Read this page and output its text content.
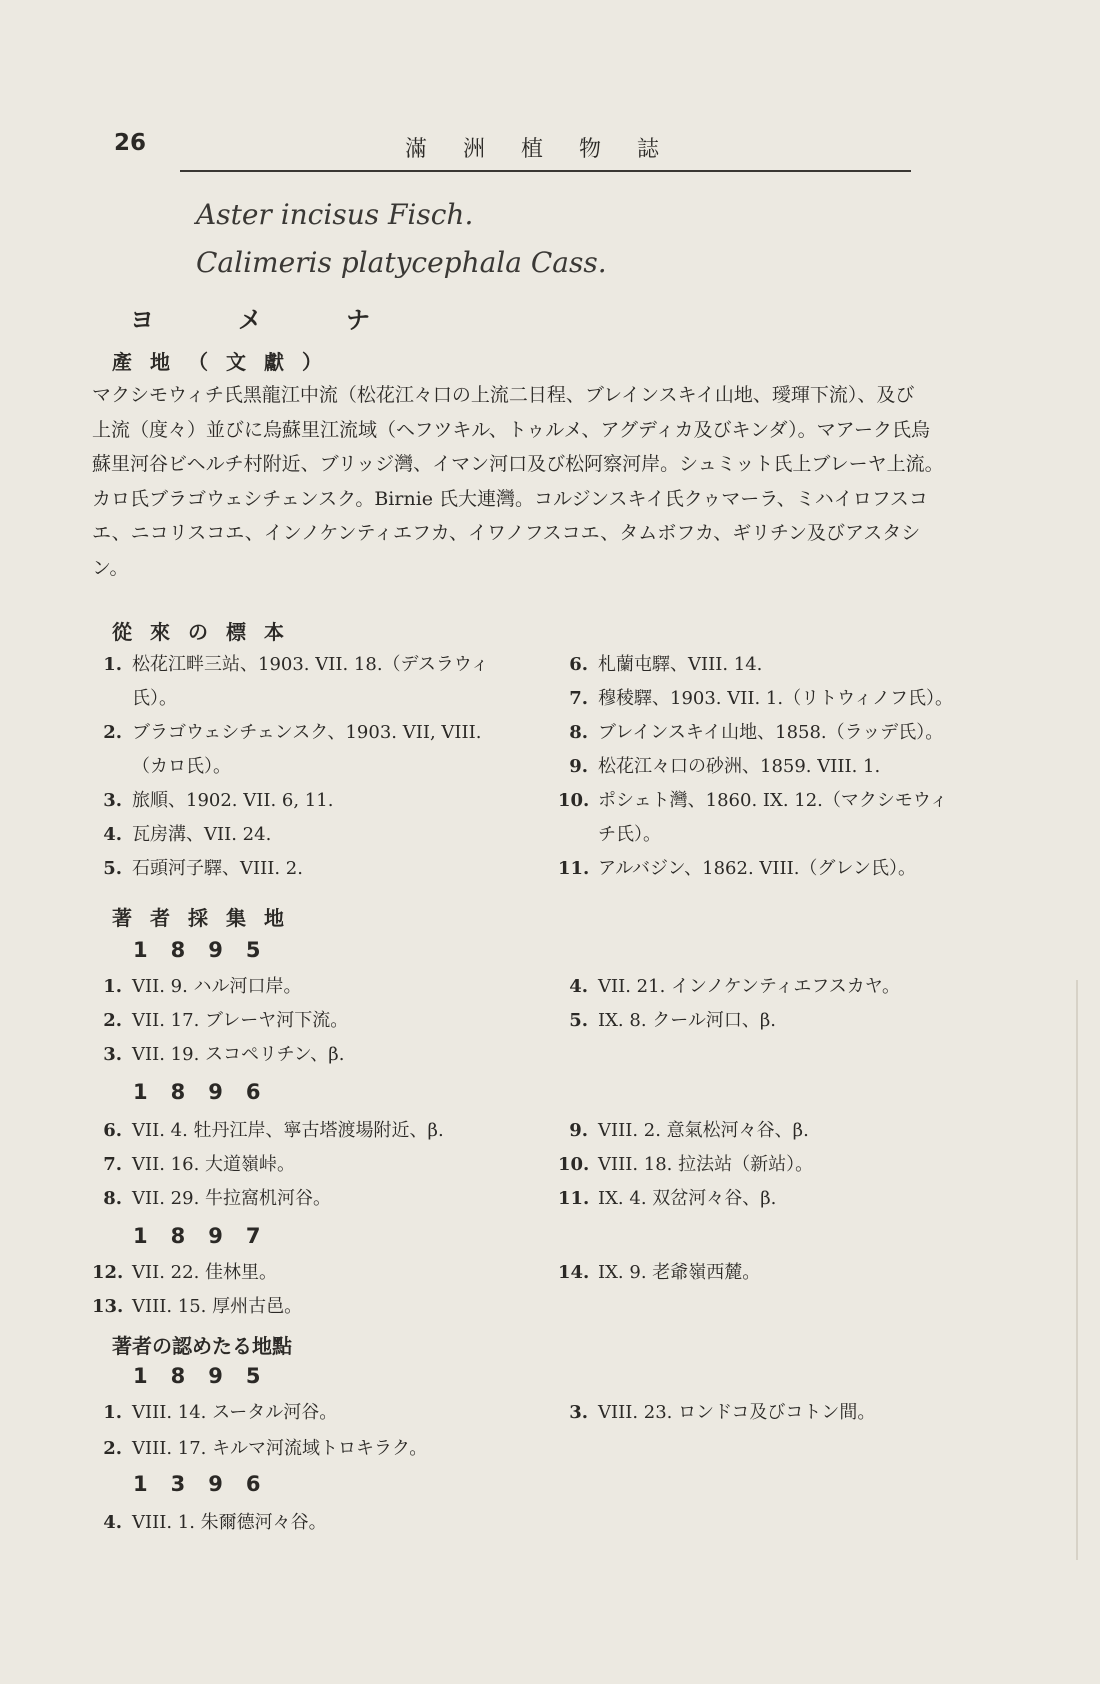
26	滿洲植物誌
Aster incisus Fisch.
Calimeris platycephala Cass.
ヨメナ
產地（文獻）
マクシモウィチ氏黑龍江中流（松花江々口の上流二日程、ブレインスキイ山地、璦琿下流）、及び
上流（度々）並びに烏蘇里江流域（ヘフツキル、トゥルメ、アグディカ及びキンダ）。マアーク氏烏
蘇里河谷ビヘルチ村附近、ブリッジ灣、イマン河口及び松阿察河岸。シュミット氏上ブレーヤ上流。
カロ氏ブラゴウェシチェンスク。Birnie 氏大連灣。コルジンスキイ氏クゥマーラ、ミハイロフスコ
エ、ニコリスコエ、インノケンティエフカ、イワノフスコエ、タムボフカ、ギリチン及びアスタシ
ン。
從來の標本
1. 松花江畔三站、1903. VII. 18.（デスラウィ
氏）。
2. ブラゴウェシチェンスク、1903. VII, VIII.
（カロ氏）。
3. 旅順、1902. VII. 6, 11.
4. 瓦房溝、VII. 24.
5. 石頭河子驛、VIII. 2.
6. 札蘭屯驛、VIII. 14.
7. 穆稜驛、1903. VII. 1.（リトウィノフ氏）。
8. ブレインスキイ山地、1858.（ラッデ氏）。
9. 松花江々口の砂洲、1859. VIII. 1.
10. ポシェト灣、1860. IX. 12.（マクシモウィ
チ氏）。
11. アルバジン、1862. VIII.（グレン氏）。
著者採集地
1895
1. VII. 9. ハル河口岸。
2. VII. 17. ブレーヤ河下流。
3. VII. 19. スコペリチン、β.
4. VII. 21. インノケンティエフスカヤ。
5. IX. 8. クール河口、β.
1896
6. VII. 4. 牡丹江岸、寧古塔渡場附近、β.
7. VII. 16. 大道嶺峠。
8. VII. 29. 牛拉窩机河谷。
9. VIII. 2. 意氣松河々谷、β.
10. VIII. 18. 拉法站（新站）。
11. IX. 4. 双岔河々谷、β.
1897
12. VII. 22. 佳林里。
13. VIII. 15. 厚州古邑。
14. IX. 9. 老爺嶺西麓。
著者の認めたる地點
1895
1. VIII. 14. スータル河谷。
2. VIII. 17. キルマ河流域トロキラク。
3. VIII. 23. ロンドコ及びコトン間。
1396
4. VIII. 1. 朱爾德河々谷。
